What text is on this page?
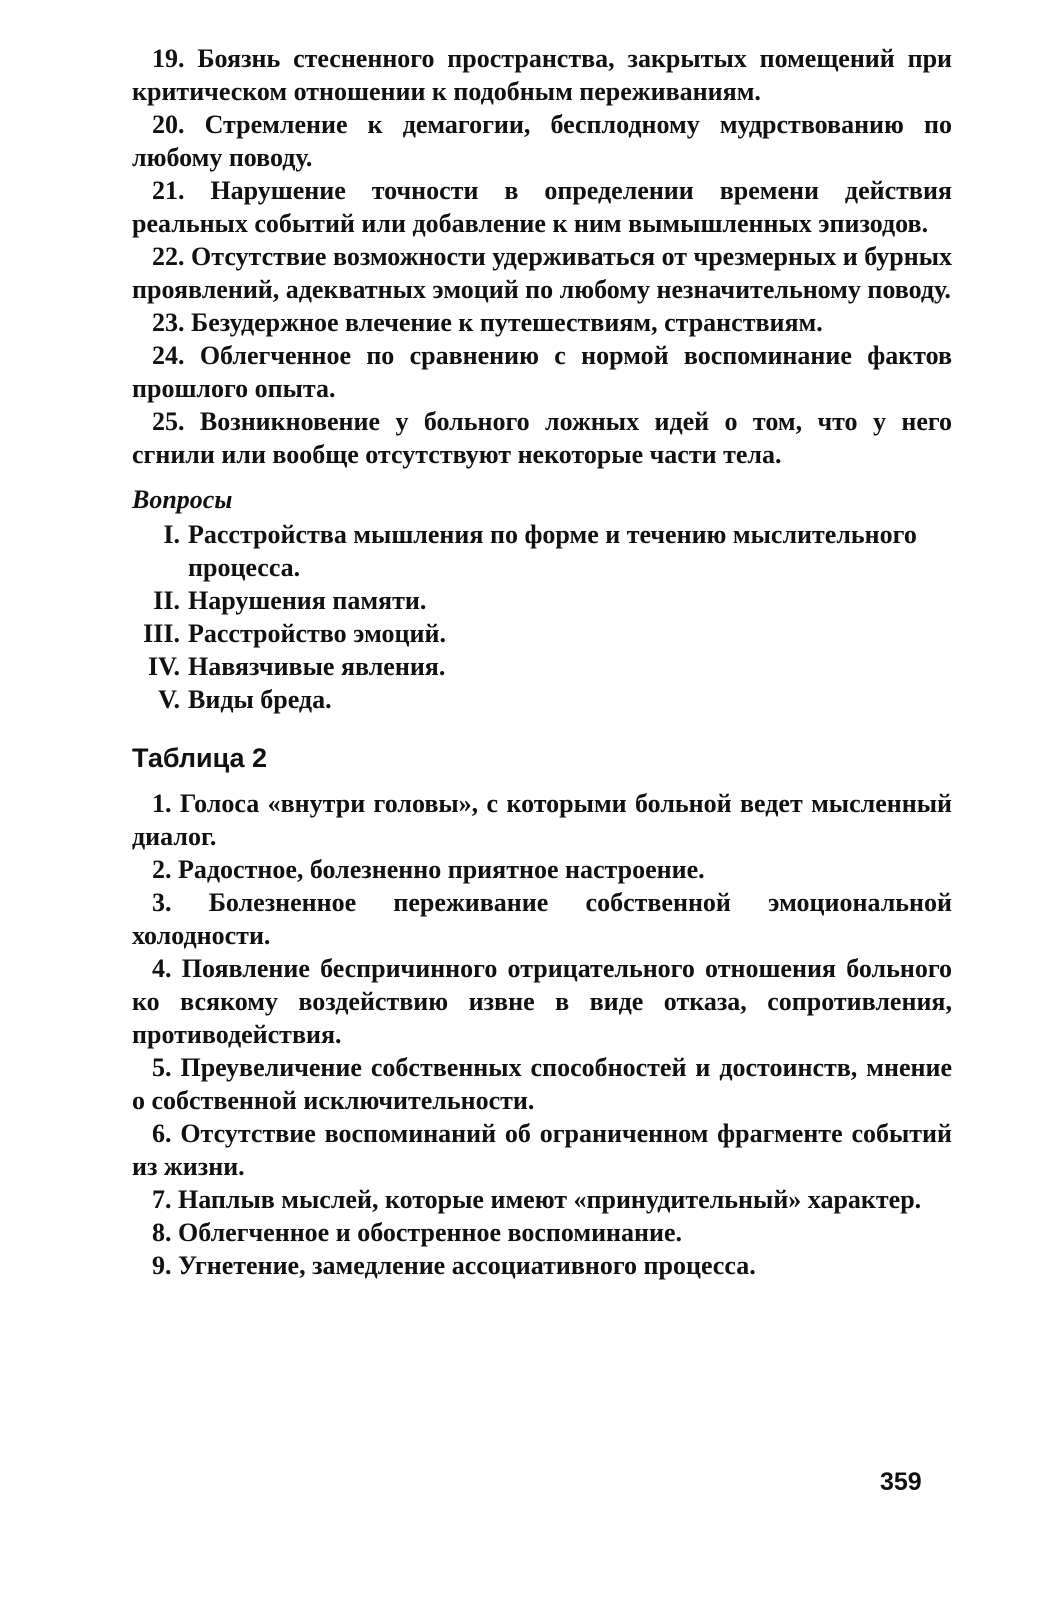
19. Боязнь стесненного пространства, закрытых помещений при критическом отношении к подобным переживаниям.

20. Стремление к демагогии, бесплодному мудрствованию по любому поводу.

21. Нарушение точности в определении времени действия реальных событий или добавление к ним вымышленных эпизодов.

22. Отсутствие возможности удерживаться от чрезмерных и бурных проявлений, адекватных эмоций по любому незначительному поводу.

23. Безудержное влечение к путешествиям, странствиям.

24. Облегченное по сравнению с нормой воспоминание фактов прошлого опыта.

25. Возникновение у больного ложных идей о том, что у него сгнили или вообще отсутствуют некоторые части тела.

Вопросы
I. Расстройства мышления по форме и течению мыслительного процесса.
II. Нарушения памяти.
III. Расстройство эмоций.
IV. Навязчивые явления.
V. Виды бреда.
Таблица 2

1. Голоса «внутри головы», с которыми больной ведет мысленный диалог.

2. Радостное, болезненно приятное настроение.

3. Болезненное переживание собственной эмоциональной холодности.

4. Появление беспричинного отрицательного отношения больного ко всякому воздействию извне в виде отказа, сопротивления, противодействия.

5. Преувеличение собственных способностей и достоинств, мнение о собственной исключительности.

6. Отсутствие воспоминаний об ограниченном фрагменте событий из жизни.

7. Наплыв мыслей, которые имеют «принудительный» характер.

8. Облегченное и обостренное воспоминание.

9. Угнетение, замедление ассоциативного процесса.

359
